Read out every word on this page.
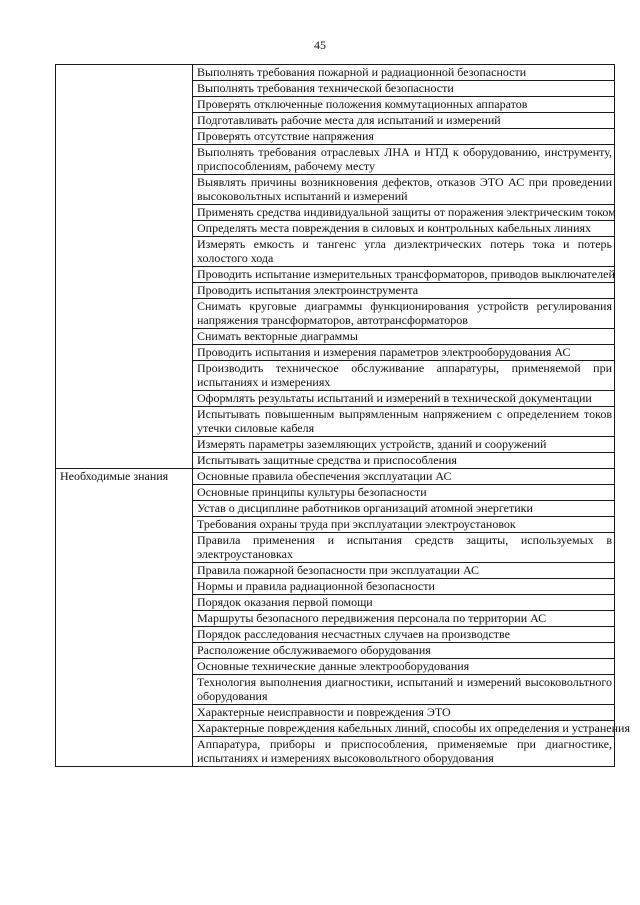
45
	Выполнять требования пожарной и радиационной безопасности
	Выполнять требования технической безопасности
	Проверять отключенные положения коммутационных аппаратов
	Подготавливать рабочие места для испытаний и измерений
	Проверять отсутствие напряжения
	Выполнять требования отраслевых ЛНА и НТД к оборудованию, инструменту, приспособлениям, рабочему месту
	Выявлять причины возникновения дефектов, отказов ЭТО АС при проведении высоковольтных испытаний и измерений
	Применять средства индивидуальной защиты от поражения электрическим током
	Определять места повреждения в силовых и контрольных кабельных линиях
	Измерять емкость и тангенс угла диэлектрических потерь тока и потерь холостого хода
	Проводить испытание измерительных трансформаторов, приводов выключателей
	Проводить испытания электроинструмента
	Снимать круговые диаграммы функционирования устройств регулирования напряжения трансформаторов, автотрансформаторов
	Снимать векторные диаграммы
	Проводить испытания и измерения параметров электрооборудования АС
	Производить техническое обслуживание аппаратуры, применяемой при испытаниях и измерениях
	Оформлять результаты испытаний и измерений в технической документации
	Испытывать повышенным выпрямленным напряжением с определением токов утечки силовые кабеля
	Измерять параметры заземляющих устройств, зданий и сооружений
	Испытывать защитные средства и приспособления
Необходимые знания	Основные правила обеспечения эксплуатации АС
	Основные принципы культуры безопасности
	Устав о дисциплине работников организаций атомной энергетики
	Требования охраны труда при эксплуатации электроустановок
	Правила применения и испытания средств защиты, используемых в электроустановках
	Правила пожарной безопасности при эксплуатации АС
	Нормы и правила радиационной безопасности
	Порядок оказания первой помощи
	Маршруты безопасного передвижения персонала по территории АС
	Порядок расследования несчастных случаев на производстве
	Расположение обслуживаемого оборудования
	Основные технические данные электрооборудования
	Технология выполнения диагностики, испытаний и измерений высоковольтного оборудования
	Характерные неисправности и повреждения ЭТО
	Характерные повреждения кабельных линий, способы их определения и устранения
	Аппаратура, приборы и приспособления, применяемые при диагностике, испытаниях и измерениях высоковольтного оборудования
